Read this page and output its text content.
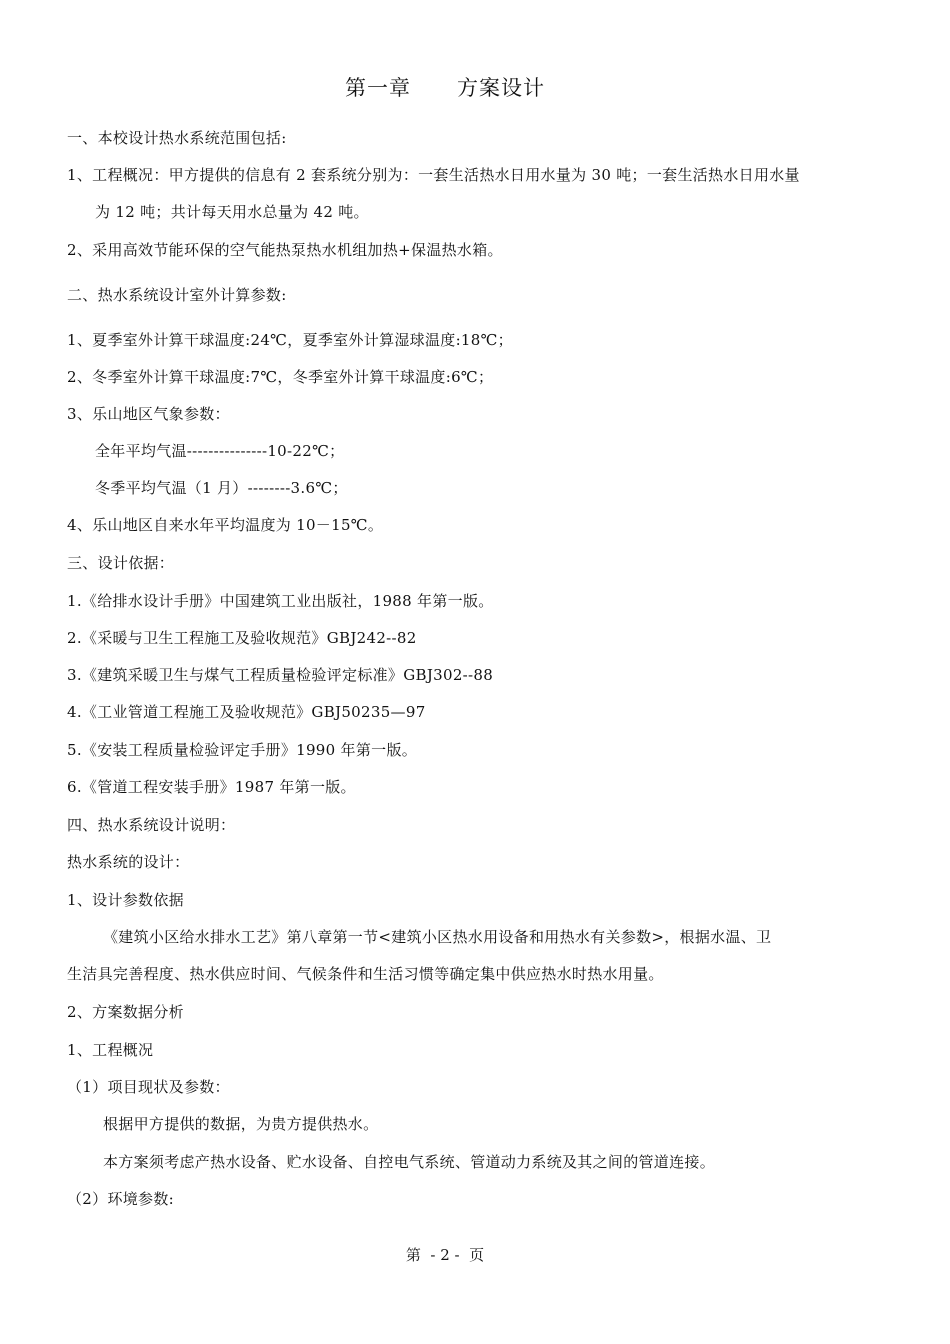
第一章      方案设计
一、本校设计热水系统范围包括:
1、工程概况：甲方提供的信息有 2 套系统分别为：一套生活热水日用水量为 30 吨；一套生活热水日用水量
为 12 吨；共计每天用水总量为 42 吨。
2、采用高效节能环保的空气能热泵热水机组加热+保温热水箱。
二、热水系统设计室外计算参数:
1、夏季室外计算干球温度:24℃，夏季室外计算湿球温度:18℃；
2、冬季室外计算干球温度:7℃，冬季室外计算干球温度:6℃；
3、乐山地区气象参数：
全年平均气温---------------10-22℃；
冬季平均气温（1 月）--------3.6℃；
4、乐山地区自来水年平均温度为 10－15℃。
三、设计依据：
1.《给排水设计手册》中国建筑工业出版社，1988 年第一版。
2.《采暖与卫生工程施工及验收规范》GBJ242--82
3.《建筑采暖卫生与煤气工程质量检验评定标准》GBJ302--88
4.《工业管道工程施工及验收规范》GBJ50235—97
5.《安装工程质量检验评定手册》1990 年第一版。
6.《管道工程安装手册》1987 年第一版。
四、热水系统设计说明：
热水系统的设计：
1、设计参数依据
《建筑小区给水排水工艺》第八章第一节<建筑小区热水用设备和用热水有关参数>，根据水温、卫
生洁具完善程度、热水供应时间、气候条件和生活习惯等确定集中供应热水时热水用量。
2、方案数据分析
1、工程概况
（1）项目现状及参数：
根据甲方提供的数据，为贵方提供热水。
本方案须考虑产热水设备、贮水设备、自控电气系统、管道动力系统及其之间的管道连接。
（2）环境参数:
第  - 2 -  页
